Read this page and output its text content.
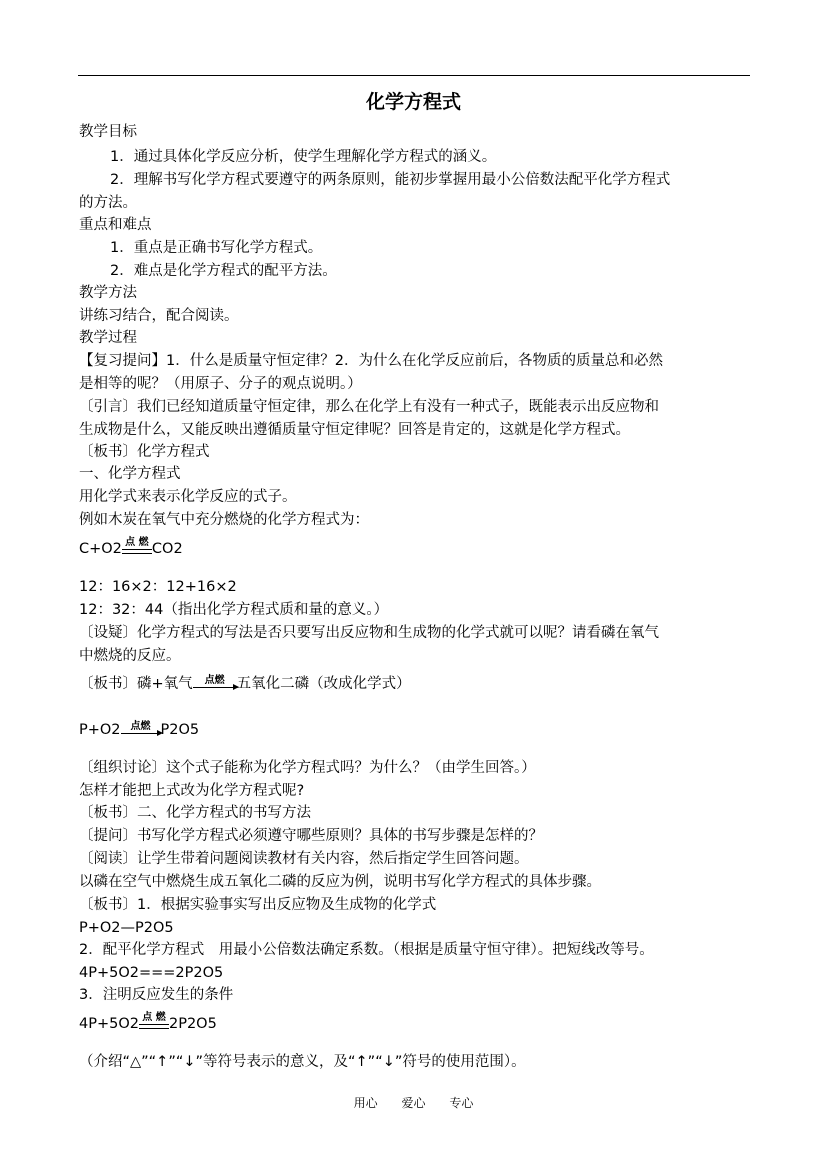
化学方程式

教学目标

1．通过具体化学反应分析，使学生理解化学方程式的涵义。

2．理解书写化学方程式要遵守的两条原则，能初步掌握用最小公倍数法配平化学方程式

的方法。

重点和难点

1．重点是正确书写化学方程式。

2．难点是化学方程式的配平方法。

教学方法

讲练习结合，配合阅读。

教学过程

【复习提问】1．什么是质量守恒定律？2．为什么在化学反应前后，各物质的质量总和必然

是相等的呢？（用原子、分子的观点说明。）

〔引言〕我们已经知道质量守恒定律，那么在化学上有没有一种式子，既能表示出反应物和

生成物是什么，又能反映出遵循质量守恒定律呢？回答是肯定的，这就是化学方程式。

〔板书〕化学方程式

一、化学方程式

用化学式来表示化学反应的式子。

例如木炭在氧气中充分燃烧的化学方程式为：

C+O2 点 燃 CO2

12：16×2：12+16×2

12：32：44（指出化学方程式质和量的意义。）

〔设疑〕化学方程式的写法是否只要写出反应物和生成物的化学式就可以呢？请看磷在氧气

中燃烧的反应。

〔板书〕磷+氧气	点燃 五氧化二磷（改成化学式）
P+O2	点燃 P2O5

〔组织讨论〕这个式子能称为化学方程式吗？为什么？（由学生回答。）

怎样才能把上式改为化学方程式呢?

〔板书〕二、化学方程式的书写方法

〔提问〕书写化学方程式必须遵守哪些原则？具体的书写步骤是怎样的？

〔阅读〕让学生带着问题阅读教材有关内容，然后指定学生回答问题。

以磷在空气中燃烧生成五氧化二磷的反应为例，说明书写化学方程式的具体步骤。

〔板书〕1．根据实验事实写出反应物及生成物的化学式

P+O2—P2O5

2．配平化学方程式　用最小公倍数法确定系数。（根据是质量守恒守律）。把短线改等号。

4P+5O2===2P2O5

3．注明反应发生的条件

4P+5O2 点 燃 2P2O5

（介绍“△”“↑”“↓”等符号表示的意义，及“↑”“↓”符号的使用范围）。

用心 爱心 专心
